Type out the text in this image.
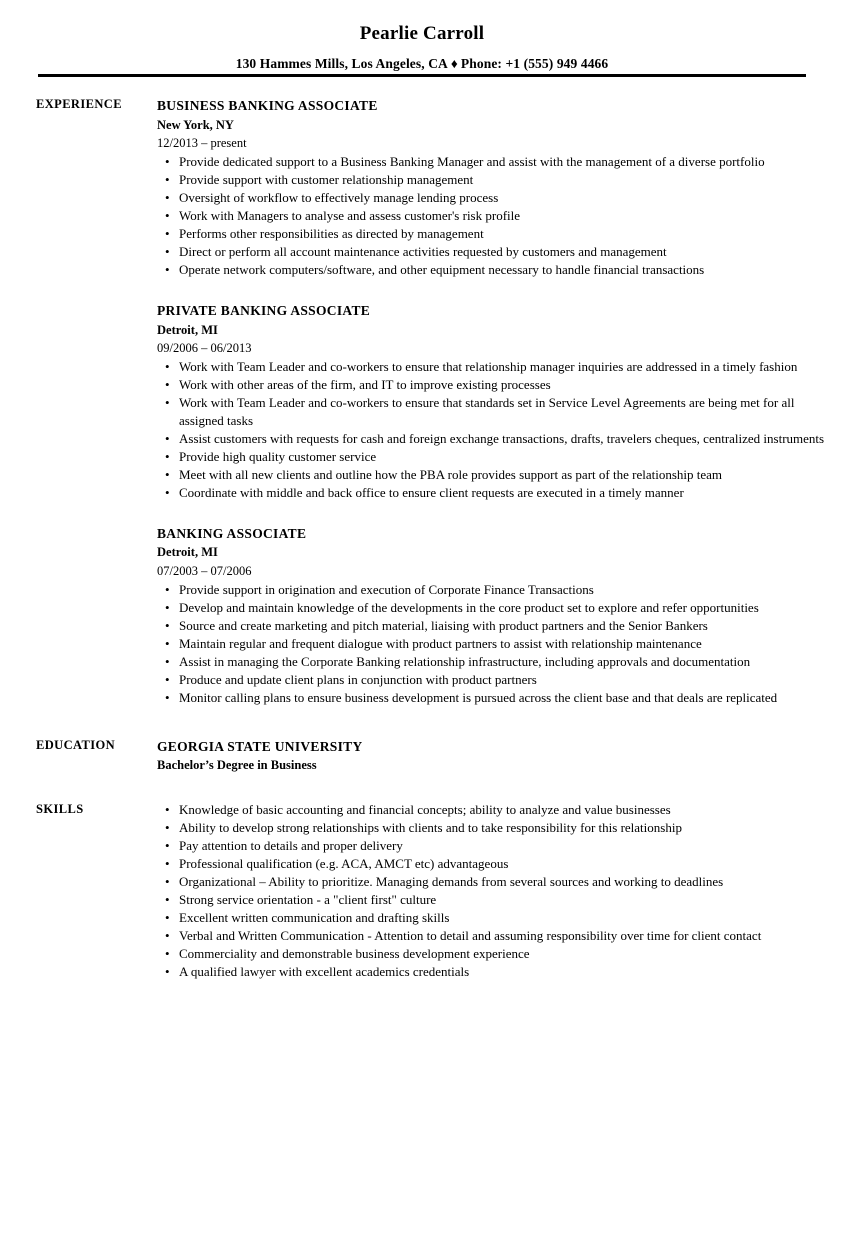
Pearlie Carroll
130 Hammes Mills, Los Angeles, CA ♦ Phone: +1 (555) 949 4466
EXPERIENCE	BUSINESS BANKING ASSOCIATE
New York, NY
12/2013 – present
• Provide dedicated support to a Business Banking Manager and assist with the management of a diverse portfolio
• Provide support with customer relationship management
• Oversight of workflow to effectively manage lending process
• Work with Managers to analyse and assess customer's risk profile
• Performs other responsibilities as directed by management
• Direct or perform all account maintenance activities requested by customers and management
• Operate network computers/software, and other equipment necessary to handle financial transactions
PRIVATE BANKING ASSOCIATE
Detroit, MI
09/2006 – 06/2013
• Work with Team Leader and co-workers to ensure that relationship manager inquiries are addressed in a timely fashion
• Work with other areas of the firm, and IT to improve existing processes
• Work with Team Leader and co-workers to ensure that standards set in Service Level Agreements are being met for all assigned tasks
• Assist customers with requests for cash and foreign exchange transactions, drafts, travelers cheques, centralized instruments
• Provide high quality customer service
• Meet with all new clients and outline how the PBA role provides support as part of the relationship team
• Coordinate with middle and back office to ensure client requests are executed in a timely manner
BANKING ASSOCIATE
Detroit, MI
07/2003 – 07/2006
• Provide support in origination and execution of Corporate Finance Transactions
• Develop and maintain knowledge of the developments in the core product set to explore and refer opportunities
• Source and create marketing and pitch material, liaising with product partners and the Senior Bankers
• Maintain regular and frequent dialogue with product partners to assist with relationship maintenance
• Assist in managing the Corporate Banking relationship infrastructure, including approvals and documentation
• Produce and update client plans in conjunction with product partners
• Monitor calling plans to ensure business development is pursued across the client base and that deals are replicated
EDUCATION	GEORGIA STATE UNIVERSITY
Bachelor’s Degree in Business
SKILLS	• Knowledge of basic accounting and financial concepts; ability to analyze and value businesses
• Ability to develop strong relationships with clients and to take responsibility for this relationship
• Pay attention to details and proper delivery
• Professional qualification (e.g. ACA, AMCT etc) advantageous
• Organizational – Ability to prioritize. Managing demands from several sources and working to deadlines
• Strong service orientation - a "client first" culture
• Excellent written communication and drafting skills
• Verbal and Written Communication - Attention to detail and assuming responsibility over time for client contact
• Commerciality and demonstrable business development experience
• A qualified lawyer with excellent academics credentials
